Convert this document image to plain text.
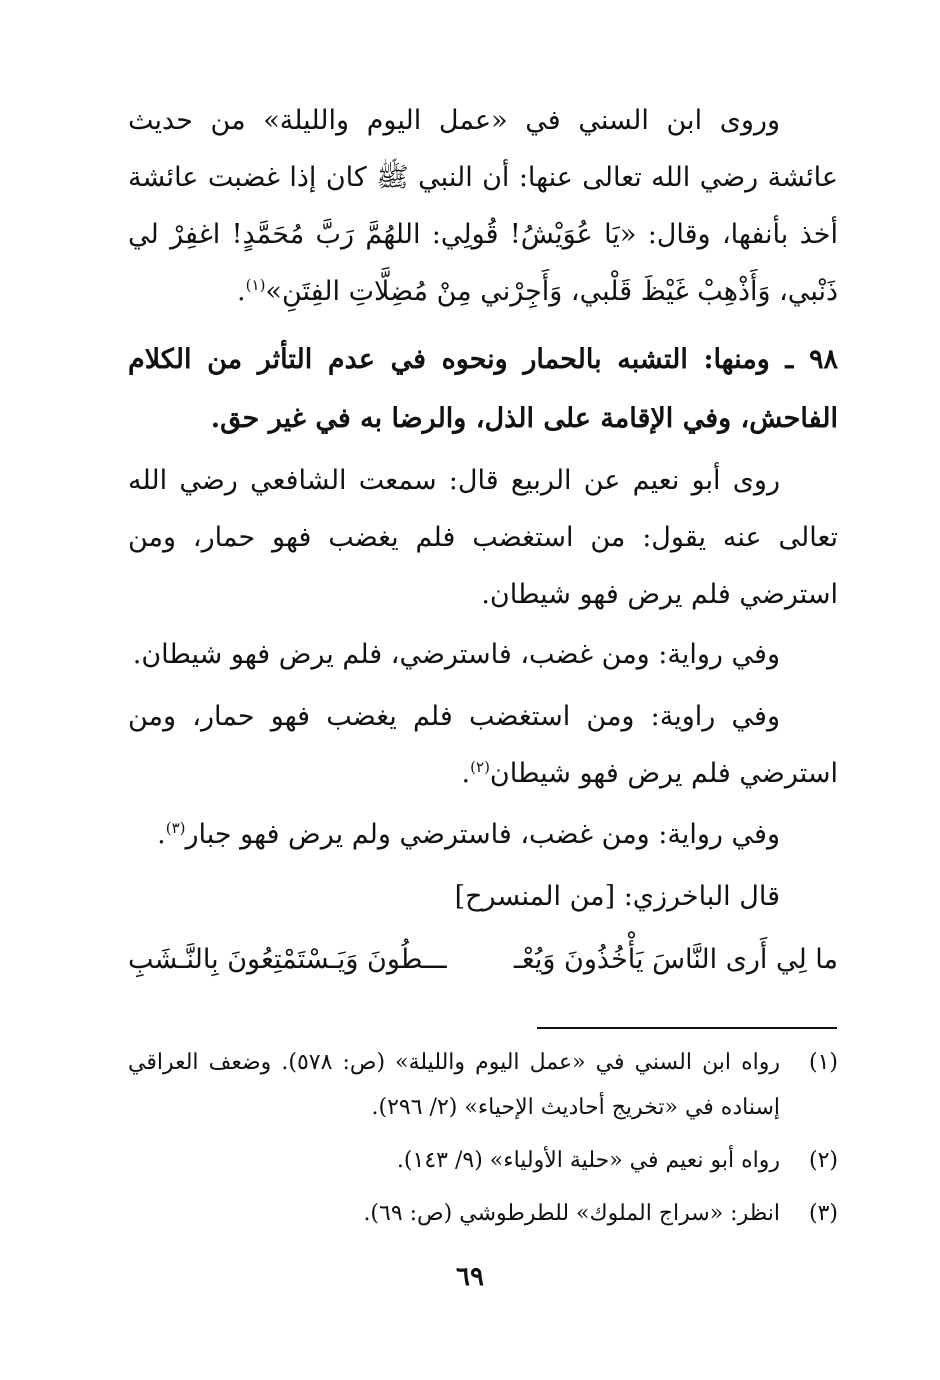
وروى ابن السني في «عمل اليوم والليلة» من حديث عائشة رضي الله تعالى عنها: أن النبي ﷺ كان إذا غضبت عائشة أخذ بأنفها، وقال: «يَا عُوَيْشُ! قُولِي: اللهُمَّ رَبَّ مُحَمَّدٍ! اغفِرْ لي ذَنْبي، وَأَذْهِبْ غَيْظَ قَلْبي، وَأَجِرْني مِنْ مُضِلَّاتِ الفِتَنِ»$^{(١)}$.
٩٨ ـ ومنها: التشبه بالحمار ونحوه في عدم التأثر من الكلام الفاحش، وفي الإقامة على الذل، والرضا به في غير حق.
روى أبو نعيم عن الربيع قال: سمعت الشافعي رضي الله تعالى عنه يقول: من استغضب فلم يغضب فهو حمار، ومن استرضي فلم يرض فهو شيطان.
وفي رواية: ومن غضب، فاسترضي، فلم يرض فهو شيطان.
وفي راوية: ومن استغضب فلم يغضب فهو حمار، ومن استرضي فلم يرض فهو شيطان$^{(٢)}$.
وفي رواية: ومن غضب، فاسترضي ولم يرض فهو جبار$^{(٣)}$.
قال الباخرزي: [من المنسرح]
ما لِي أَرى النَّاسَ يَأْخُذُونَ وَيُعْـ
ـــطُونَ وَيَـسْتَمْتِعُونَ بِالنَّـشَبِ
(١)
رواه ابن السني في «عمل اليوم والليلة» (ص: ٥٧٨). وضعف العراقي إسناده في «تخريج أحاديث الإحياء» (٢/ ٢٩٦).
(٢)
رواه أبو نعيم في «حلية الأولياء» (٩/ ١٤٣).
(٣)
انظر: «سراج الملوك» للطرطوشي (ص: ٦٩).
٦٩
